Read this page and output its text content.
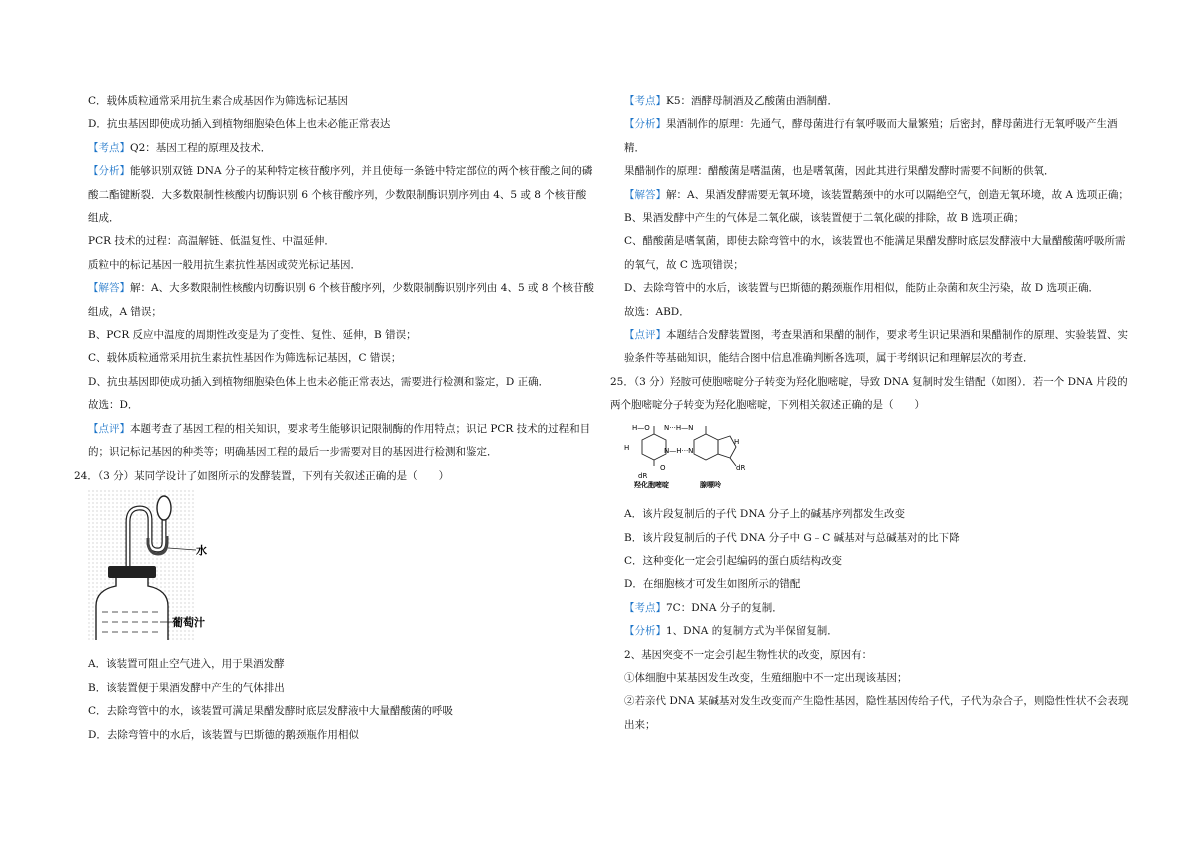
C．载体质粒通常采用抗生素合成基因作为筛选标记基因

D．抗虫基因即使成功插入到植物细胞染色体上也未必能正常表达

【考点】Q2：基因工程的原理及技术．

【分析】能够识别双链 DNA 分子的某种特定核苷酸序列，并且使每一条链中特定部位的两个核苷酸之间的磷酸二酯键断裂．大多数限制性核酸内切酶识别 6 个核苷酸序列，少数限制酶识别序列由 4、5 或 8 个核苷酸组成．

PCR 技术的过程：高温解链、低温复性、中温延伸．

质粒中的标记基因一般用抗生素抗性基因或荧光标记基因．

【解答】解：A、大多数限制性核酸内切酶识别 6 个核苷酸序列，少数限制酶识别序列由 4、5 或 8 个核苷酸组成，A 错误；

B、PCR 反应中温度的周期性改变是为了变性、复性、延伸，B 错误；

C、载体质粒通常采用抗生素抗性基因作为筛选标记基因，C 错误；

D、抗虫基因即使成功插入到植物细胞染色体上也未必能正常表达，需要进行检测和鉴定，D 正确．

故选：D．

【点评】本题考查了基因工程的相关知识，要求考生能够识记限制酶的作用特点；识记 PCR 技术的过程和目的；识记标记基因的种类等；明确基因工程的最后一步需要对目的基因进行检测和鉴定．

24．（3 分）某同学设计了如图所示的发酵装置，下列有关叙述正确的是（　　）

水
葡萄汁

A．该装置可阻止空气进入，用于果酒发酵

B．该装置便于果酒发酵中产生的气体排出

C．去除弯管中的水，该装置可满足果醋发酵时底层发酵液中大量醋酸菌的呼吸

D．去除弯管中的水后，该装置与巴斯德的鹅颈瓶作用相似

【考点】K5：酒酵母制酒及乙酸菌由酒制醋．

【分析】果酒制作的原理：先通气，酵母菌进行有氧呼吸而大量繁殖；后密封，酵母菌进行无氧呼吸产生酒精．

果醋制作的原理：醋酸菌是嗜温菌，也是嗜氧菌，因此其进行果醋发酵时需要不间断的供氧．

【解答】解：A、果酒发酵需要无氧环境，该装置鹅颈中的水可以隔绝空气，创造无氧环境，故 A 选项正确；

B、果酒发酵中产生的气体是二氧化碳，该装置便于二氧化碳的排除，故 B 选项正确；

C、醋酸菌是嗜氧菌，即使去除弯管中的水，该装置也不能满足果醋发酵时底层发酵液中大量醋酸菌呼吸所需的氧气，故 C 选项错误；

D、去除弯管中的水后，该装置与巴斯德的鹅颈瓶作用相似，能防止杂菌和灰尘污染，故 D 选项正确．

故选：ABD．

【点评】本题结合发酵装置图，考查果酒和果醋的制作，要求考生识记果酒和果醋制作的原理、实验装置、实验条件等基础知识，能结合图中信息准确判断各选项，属于考纲识记和理解层次的考查．

25．（3 分）羟胺可使胞嘧啶分子转变为羟化胞嘧啶，导致 DNA 复制时发生错配（如图）．若一个 DNA 片段的两个胞嘧啶分子转变为羟化胞嘧啶，下列相关叙述正确的是（　　）

H—O N···H—N
N—H···N
H
O
H
dR
dR
羟化胞嘧啶	腺嘌呤

A．该片段复制后的子代 DNA 分子上的碱基序列都发生改变

B．该片段复制后的子代 DNA 分子中 G﹣C 碱基对与总碱基对的比下降

C．这种变化一定会引起编码的蛋白质结构改变

D．在细胞核才可发生如图所示的错配

【考点】7C：DNA 分子的复制．

【分析】1、DNA 的复制方式为半保留复制．

2、基因突变不一定会引起生物性状的改变，原因有：

①体细胞中某基因发生改变，生殖细胞中不一定出现该基因；

②若亲代 DNA 某碱基对发生改变而产生隐性基因，隐性基因传给子代，子代为杂合子，则隐性性状不会表现出来；
